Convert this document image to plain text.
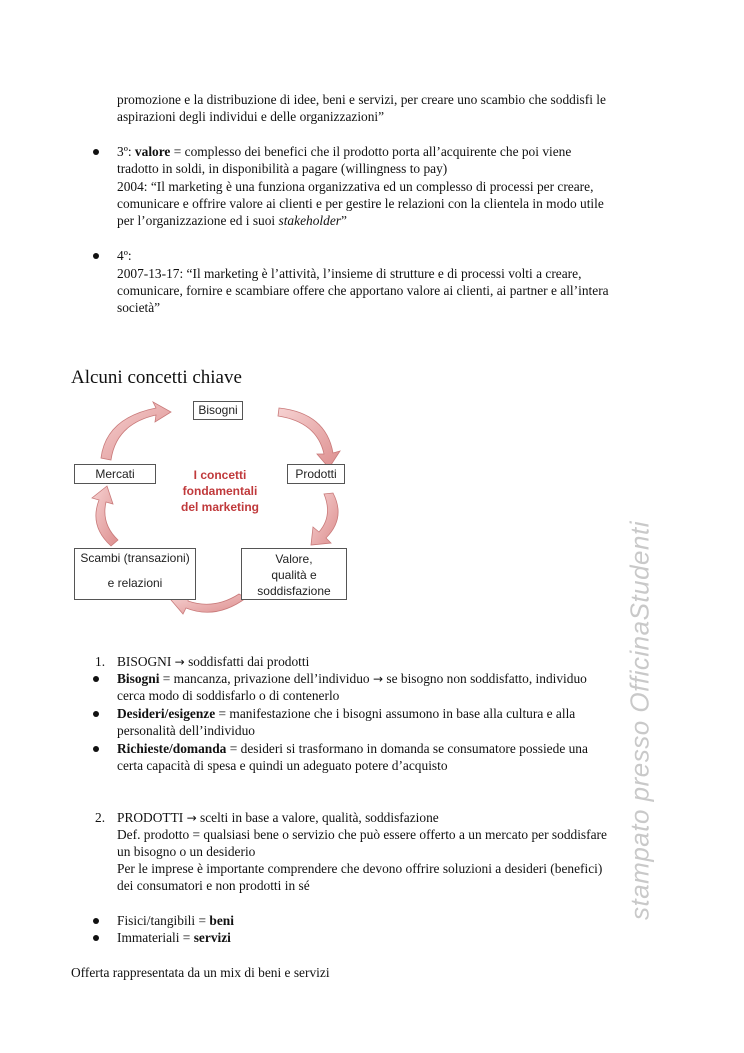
promozione e la distribuzione di idee, beni e servizi, per creare uno scambio che soddisfi le
aspirazioni degli individui e delle organizzazioni”
3º: valore = complesso dei benefici che il prodotto porta all’acquirente che poi viene
tradotto in soldi, in disponibilità a pagare (willingness to pay)
2004: “Il marketing è una funziona organizzativa ed un complesso di processi per creare,
comunicare e offrire valore ai clienti e per gestire le relazioni con la clientela in modo utile
per l’organizzazione ed i suoi stakeholder”
4º:
2007-13-17: “Il marketing è l’attività, l’insieme di strutture e di processi volti a creare,
comunicare, fornire e scambiare offere che apportano valore ai clienti, ai partner e all’intera
società”
Alcuni concetti chiave
Bisogni
Mercati	Prodotti
Valore,
qualità e
soddisfazione
Scambi (transazioni)
e relazioni
I concetti
fondamentali
del marketing
1. BISOGNI → soddisfatti dai prodotti
Bisogni = mancanza, privazione dell’individuo → se bisogno non soddisfatto, individuo
cerca modo di soddisfarlo o di contenerlo
Desideri/esigenze = manifestazione che i bisogni assumono in base alla cultura e alla
personalità dell’individuo
Richieste/domanda = desideri si trasformano in domanda se consumatore possiede una
certa capacità di spesa e quindi un adeguato potere d’acquisto
2. PRODOTTI → scelti in base a valore, qualità, soddisfazione
Def. prodotto = qualsiasi bene o servizio che può essere offerto a un mercato per soddisfare
un bisogno o un desiderio
Per le imprese è importante comprendere che devono offrire soluzioni a desideri (benefici)
dei consumatori e non prodotti in sé
Fisici/tangibili = beni
Immateriali = servizi
Offerta rappresentata da un mix di beni e servizi
stampato presso OfficinaStudenti
